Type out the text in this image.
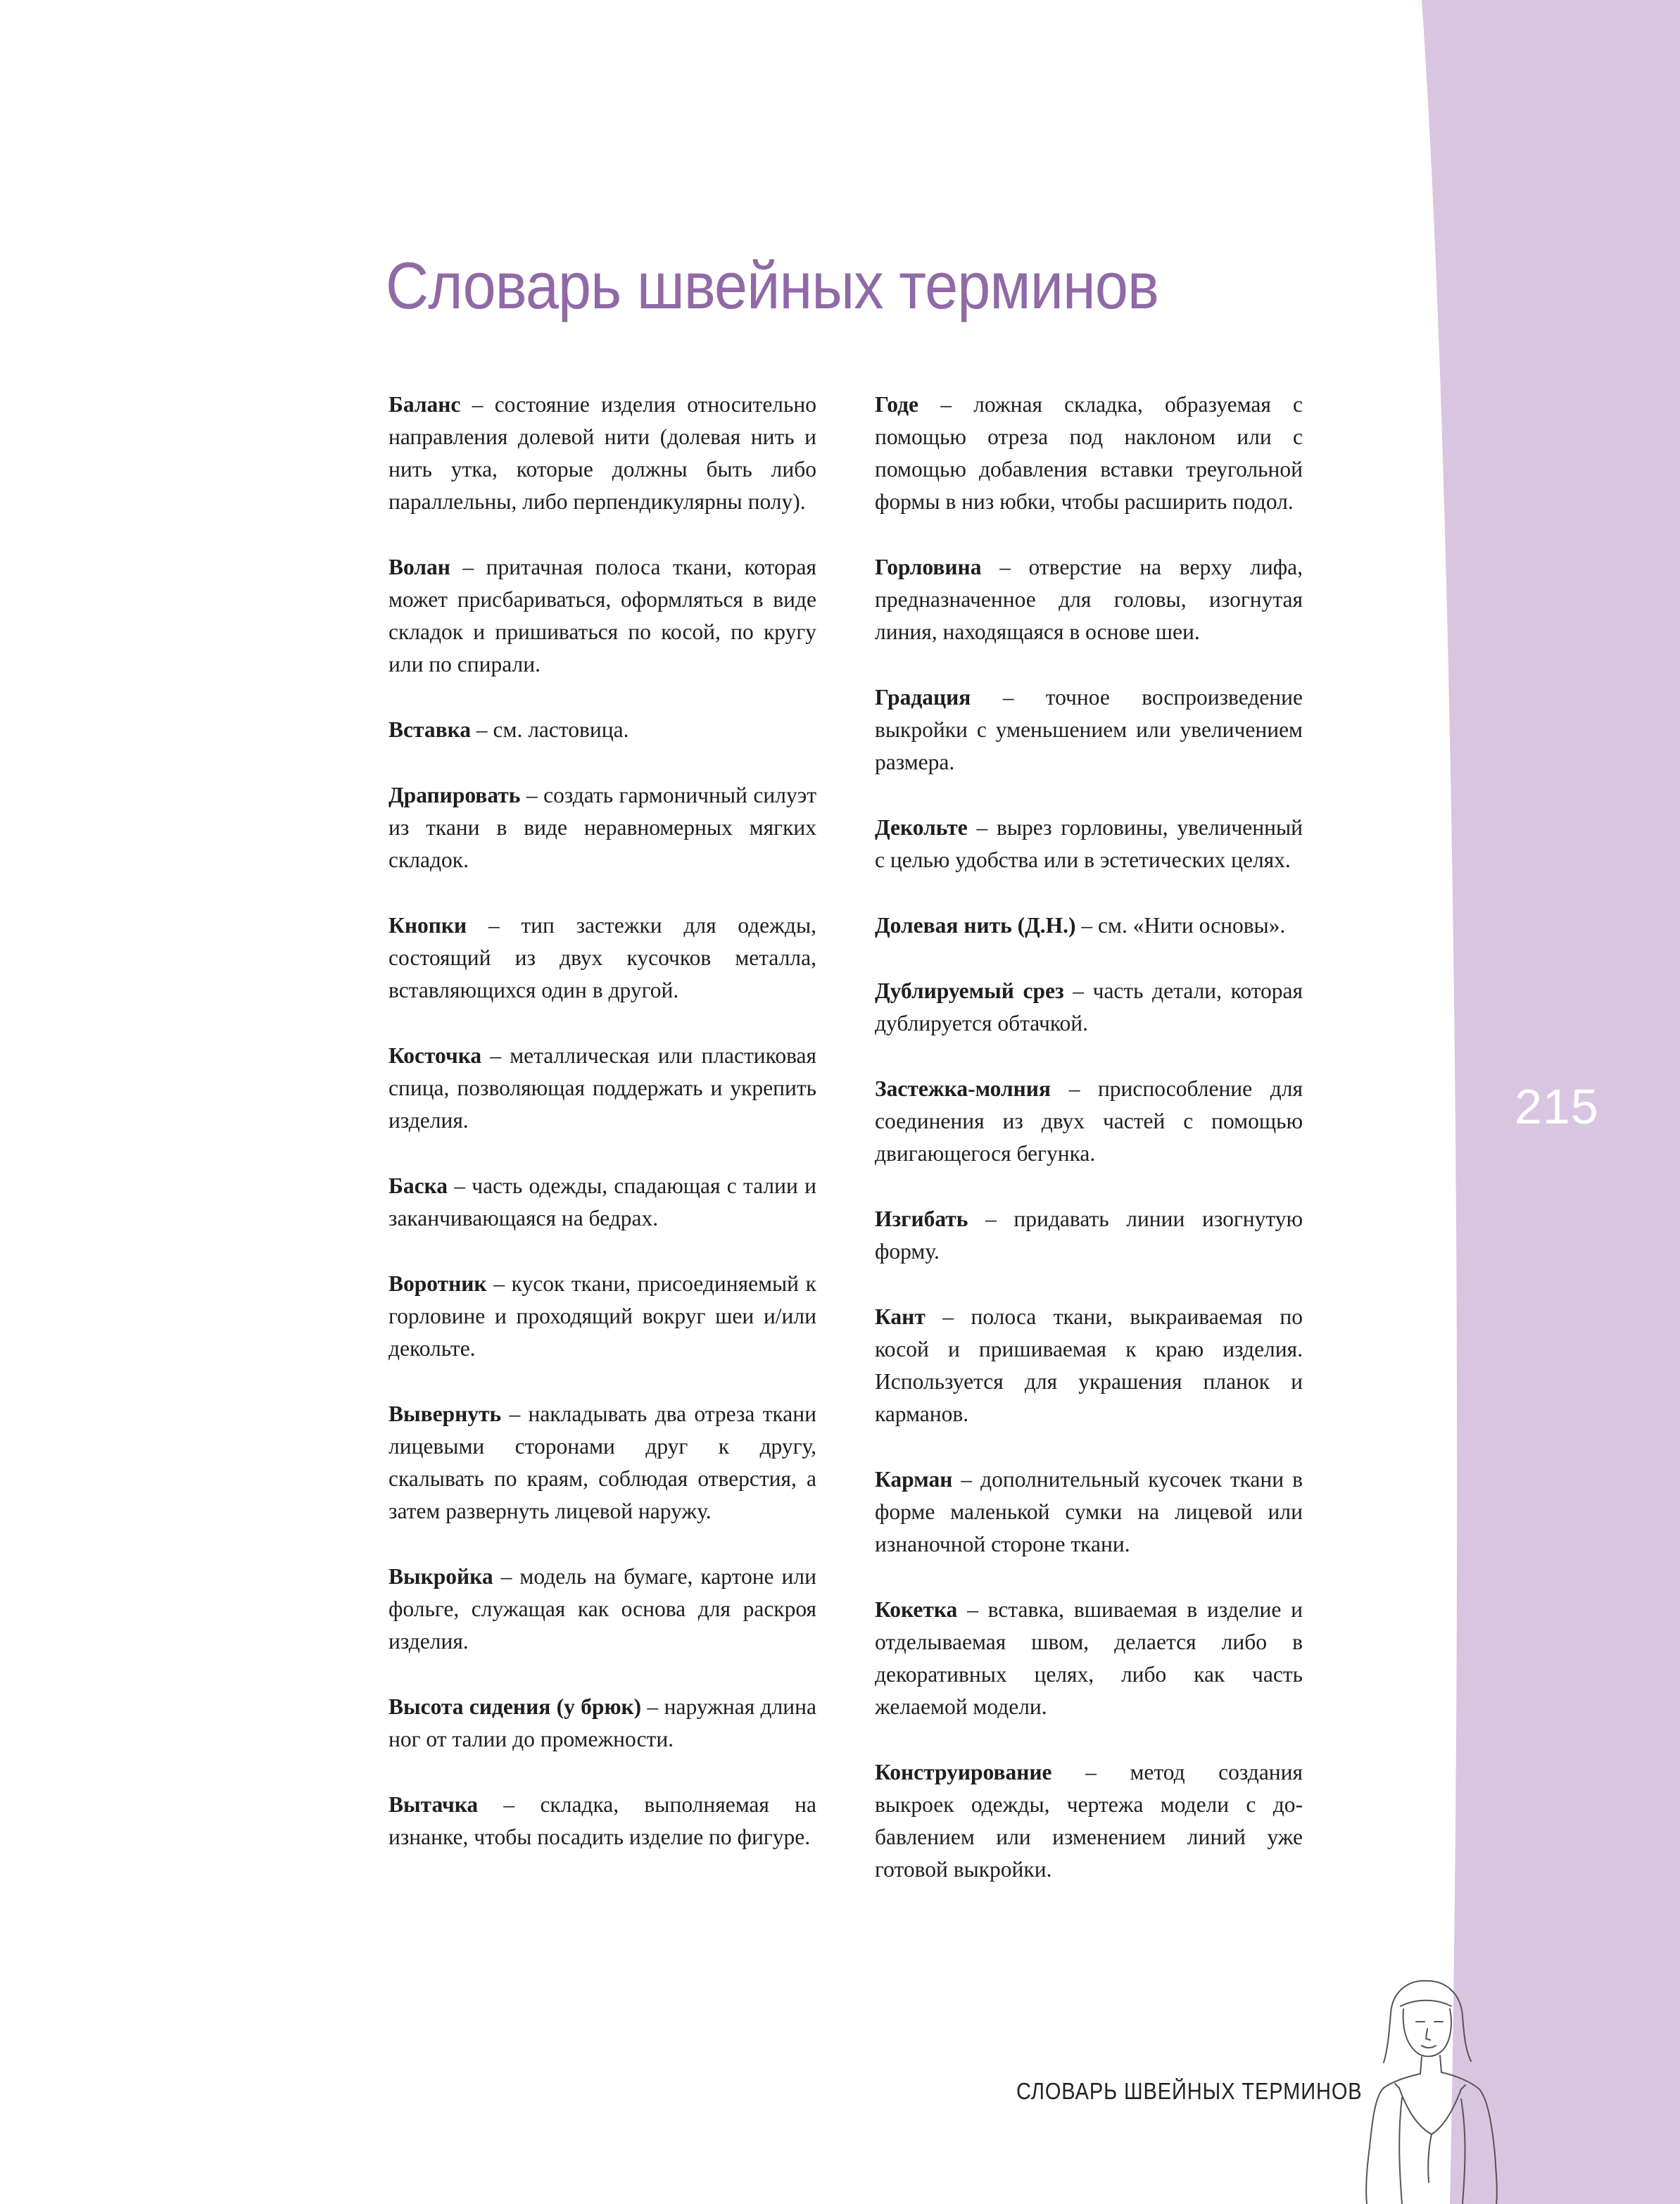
Словарь швейных терминов

Баланс – состояние изделия относительно направления долевой нити (долевая нить и нить утка, которые должны быть либо параллельны, либо перпендикулярны полу).

Волан – притачная полоса ткани, которая может присбариваться, оформляться в виде складок и пришиваться по косой, по кругу или по спирали.

Вставка – см. ластовица.

Драпировать – создать гармоничный силуэт из ткани в виде неравномерных мягких складок.

Кнопки – тип застежки для одежды, состоящий из двух кусочков металла, вставляющихся один в другой.

Косточка – металлическая или пластиковая спица, позволяющая поддержать и укрепить изделия.

Баска – часть одежды, спадающая с талии и заканчивающаяся на бедрах.

Воротник – кусок ткани, присоединяемый к горловине и проходящий вокруг шеи и/или декольте.

Вывернуть – накладывать два отреза ткани лицевыми сторонами друг к другу, скалывать по краям, соблюдая отверстия, а затем развернуть лицевой наружу.

Выкройка – модель на бумаге, картоне или фольге, служащая как основа для раскроя изделия.

Высота сидения (у брюк) – наружная длина ног от талии до промежности.

Вытачка – складка, выполняемая на изнанке, чтобы посадить изделие по фигуре.

Годе – ложная складка, образуемая с помощью отреза под наклоном или с помощью добавления вставки треугольной формы в низ юбки, чтобы расширить подол.

Горловина – отверстие на верху лифа, предназначенное для головы, изогнутая линия, находящаяся в основе шеи.

Градация – точное воспроизведение выкройки с уменьшением или увеличением размера.

Декольте – вырез горловины, увеличенный с целью удобства или в эстетических целях.

Долевая нить (Д.Н.) – см. «Нити основы».

Дублируемый срез – часть детали, которая дублируется обтачкой.

Застежка-молния – приспособление для соединения из двух частей с помощью двигающегося бегунка.

Изгибать – придавать линии изогнутую форму.

Кант – полоса ткани, выкраиваемая по косой и пришиваемая к краю изделия. Используется для украшения планок и карманов.

Карман – дополнительный кусочек ткани в форме маленькой сумки на лицевой или изнаночной стороне ткани.

Кокетка – вставка, вшиваемая в изделие и отделываемая швом, делается либо в декоративных целях, либо как часть желаемой модели.

Конструирование – метод создания выкроек одежды, чертежа модели с добавлением или изменением линий уже готовой выкройки.

215
СЛОВАРЬ ШВЕЙНЫХ ТЕРМИНОВ
